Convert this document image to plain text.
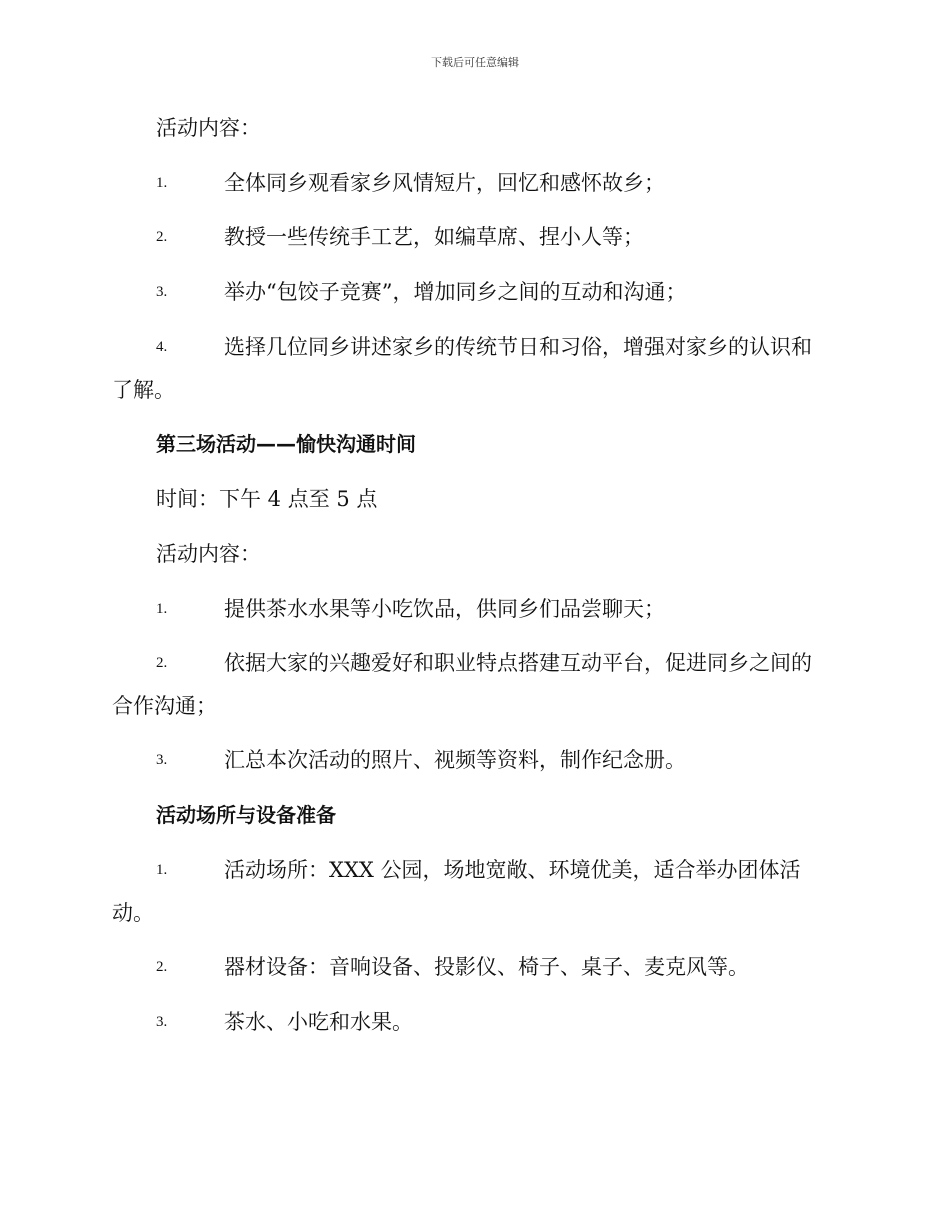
下载后可任意编辑
活动内容：
1.	全体同乡观看家乡风情短片，回忆和感怀故乡；
2.	教授一些传统手工艺，如编草席、捏小人等；
3.	举办“包饺子竞赛”，增加同乡之间的互动和沟通；
4.	选择几位同乡讲述家乡的传统节日和习俗，增强对家乡的认识和
了解。
第三场活动——愉快沟通时间
时间：下午 4 点至 5 点
活动内容：
1.	提供茶水水果等小吃饮品，供同乡们品尝聊天；
2.	依据大家的兴趣爱好和职业特点搭建互动平台，促进同乡之间的
合作沟通；
3.	汇总本次活动的照片、视频等资料，制作纪念册。
活动场所与设备准备
1.	活动场所：XXX 公园，场地宽敞、环境优美，适合举办团体活
动。
2.	器材设备：音响设备、投影仪、椅子、桌子、麦克风等。
3.	茶水、小吃和水果。
